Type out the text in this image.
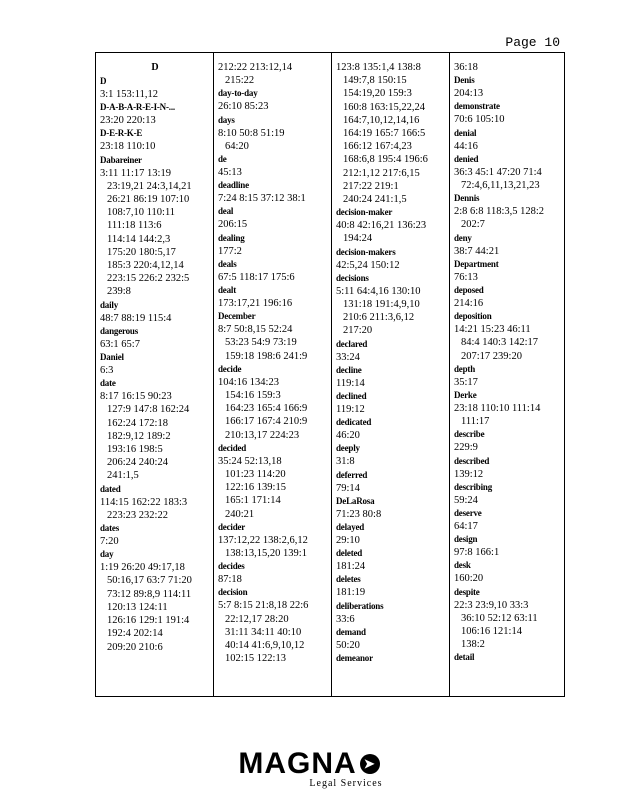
Page 10
D
D
3:1 153:11,12
D-A-B-A-R-E-I-N-...
23:20 220:13
D-E-R-K-E
23:18 110:10
Dabareiner
3:11 11:17 13:19
23:19,21 24:3,14,21
26:21 86:19 107:10
108:7,10 110:11
111:18 113:6
114:14 144:2,3
175:20 180:5,17
185:3 220:4,12,14
223:15 226:2 232:5
239:8
daily
48:7 88:19 115:4
dangerous
63:1 65:7
Daniel
6:3
date
8:17 16:15 90:23
127:9 147:8 162:24
162:24 172:18
182:9,12 189:2
193:16 198:5
206:24 240:24
241:1,5
dated
114:15 162:22 183:3
223:23 232:22
dates
7:20
day
1:19 26:20 49:17,18
50:16,17 63:7 71:20
73:12 89:8,9 114:11
120:13 124:11
126:16 129:1 191:4
192:4 202:14
209:20 210:6
212:22 213:12,14
215:22
day-to-day
26:10 85:23
days
8:10 50:8 51:19
64:20
de
45:13
deadline
7:24 8:15 37:12 38:1
deal
206:15
dealing
177:2
deals
67:5 118:17 175:6
dealt
173:17,21 196:16
December
8:7 50:8,15 52:24
53:23 54:9 73:19
159:18 198:6 241:9
decide
104:16 134:23
154:16 159:3
164:23 165:4 166:9
166:17 167:4 210:9
210:13,17 224:23
decided
35:24 52:13,18
101:23 114:20
122:16 139:15
165:1 171:14
240:21
decider
137:12,22 138:2,6,12
138:13,15,20 139:1
decides
87:18
decision
5:7 8:15 21:8,18 22:6
22:12,17 28:20
31:11 34:11 40:10
40:14 41:6,9,10,12
102:15 122:13
123:8 135:1,4 138:8
149:7,8 150:15
154:19,20 159:3
160:8 163:15,22,24
164:7,10,12,14,16
164:19 165:7 166:5
166:12 167:4,23
168:6,8 195:4 196:6
212:1,12 217:6,15
217:22 219:1
240:24 241:1,5
decision-maker
40:8 42:16,21 136:23
194:24
decision-makers
42:5,24 150:12
decisions
5:11 64:4,16 130:10
131:18 191:4,9,10
210:6 211:3,6,12
217:20
declared
33:24
decline
119:14
declined
119:12
dedicated
46:20
deeply
31:8
deferred
79:14
DeLaRosa
71:23 80:8
delayed
29:10
deleted
181:24
deletes
181:19
deliberations
33:6
demand
50:20
demeanor
36:18
Denis
204:13
demonstrate
70:6 105:10
denial
44:16
denied
36:3 45:1 47:20 71:4
72:4,6,11,13,21,23
Dennis
2:8 6:8 118:3,5 128:2
202:7
deny
38:7 44:21
Department
76:13
deposed
214:16
deposition
14:21 15:23 46:11
84:4 140:3 142:17
207:17 239:20
depth
35:17
Derke
23:18 110:10 111:14
111:17
describe
229:9
described
139:12
describing
59:24
deserve
64:17
design
97:8 166:1
desk
160:20
despite
22:3 23:9,10 33:3
36:10 52:12 63:11
106:16 121:14
138:2
detail
MAGNA ➤
Legal Services
